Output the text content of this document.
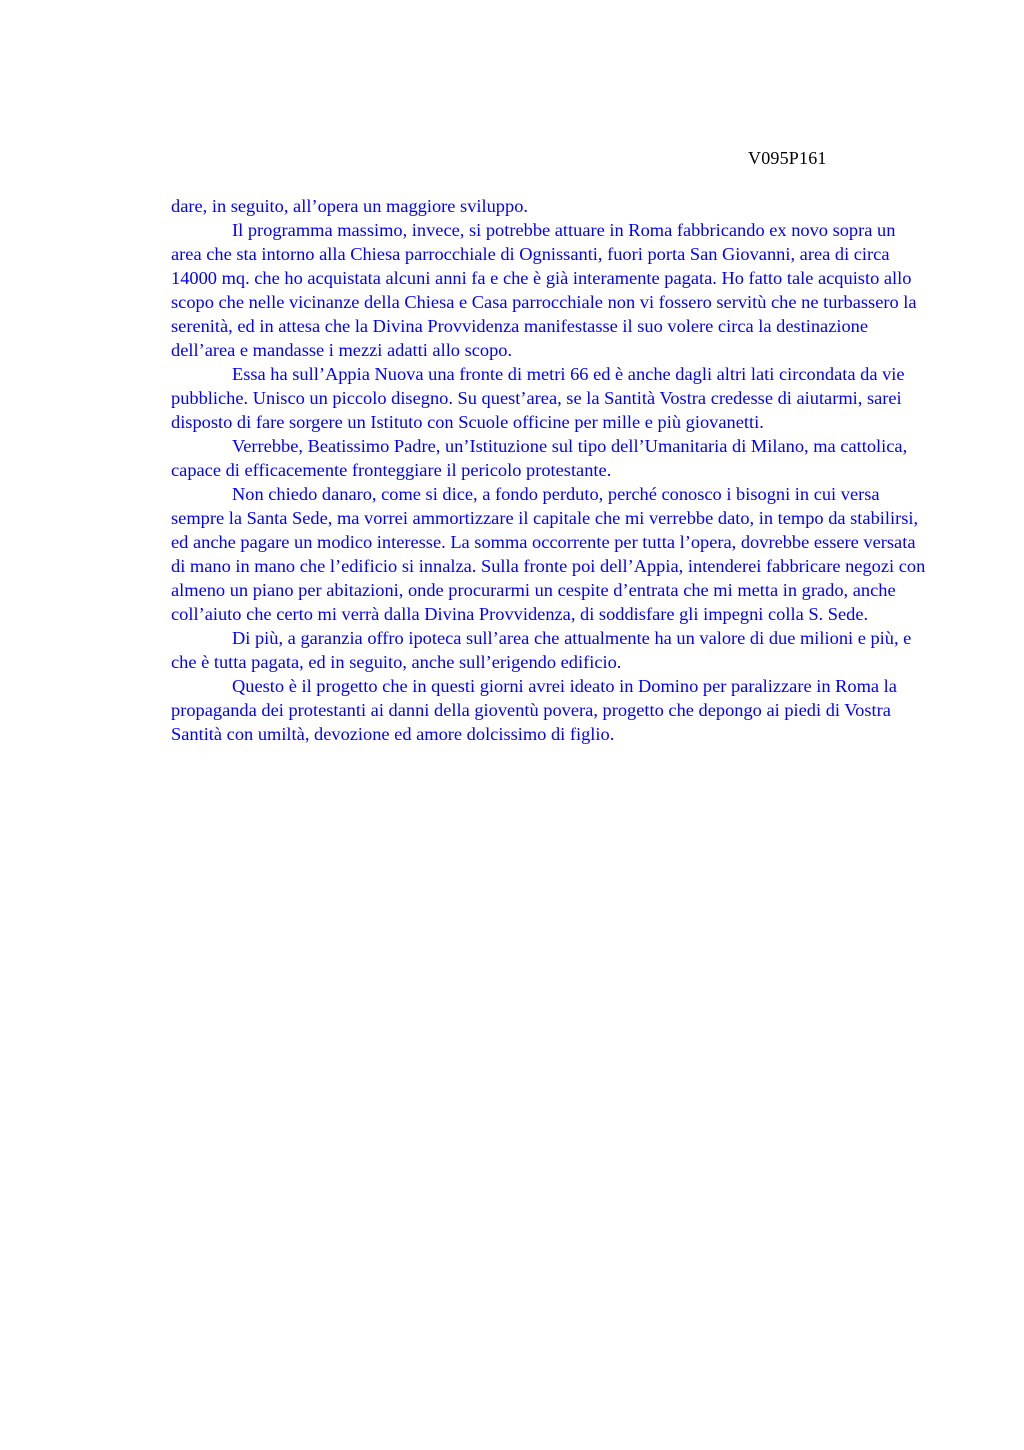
V095P161

dare, in seguito, all’opera un maggiore sviluppo.

Il programma massimo, invece, si potrebbe attuare in Roma fabbricando ex novo sopra un area che sta intorno alla Chiesa parrocchiale di Ognissanti, fuori porta San Giovanni, area di circa 14000 mq. che ho acquistata alcuni anni fa e che è già interamente pagata. Ho fatto tale acquisto allo scopo che nelle vicinanze della Chiesa e Casa parrocchiale non vi fossero servitù che ne turbassero la serenità, ed in attesa che la Divina Provvidenza manifestasse il suo volere circa la destinazione dell’area e mandasse i mezzi adatti allo scopo.

Essa ha sull’Appia Nuova una fronte di metri 66 ed è anche dagli altri lati circondata da vie pubbliche. Unisco un piccolo disegno. Su quest’area, se la Santità Vostra credesse di aiutarmi, sarei disposto di fare sorgere un Istituto con Scuole officine per mille e più giovanetti.

Verrebbe, Beatissimo Padre, un’Istituzione sul tipo dell’Umanitaria di Milano, ma cattolica, capace di efficacemente fronteggiare il pericolo protestante.

Non chiedo danaro, come si dice, a fondo perduto, perché conosco i bisogni in cui versa sempre la Santa Sede, ma vorrei ammortizzare il capitale che mi verrebbe dato, in tempo da stabilirsi, ed anche pagare un modico interesse. La somma occorrente per tutta l’opera, dovrebbe essere versata di mano in mano che l’edificio si innalza. Sulla fronte poi dell’Appia, intenderei fabbricare negozi con almeno un piano per abitazioni, onde procurarmi un cespite d’entrata che mi metta in grado, anche coll’aiuto che certo mi verrà dalla Divina Provvidenza, di soddisfare gli impegni colla S. Sede.

Di più, a garanzia offro ipoteca sull’area che attualmente ha un valore di due milioni e più, e che è tutta pagata, ed in seguito, anche sull’erigendo edificio.

Questo è il progetto che in questi giorni avrei ideato in Domino per paralizzare in Roma la propaganda dei protestanti ai danni della gioventù povera, progetto che depongo ai piedi di Vostra Santità con umiltà, devozione ed amore dolcissimo di figlio.
